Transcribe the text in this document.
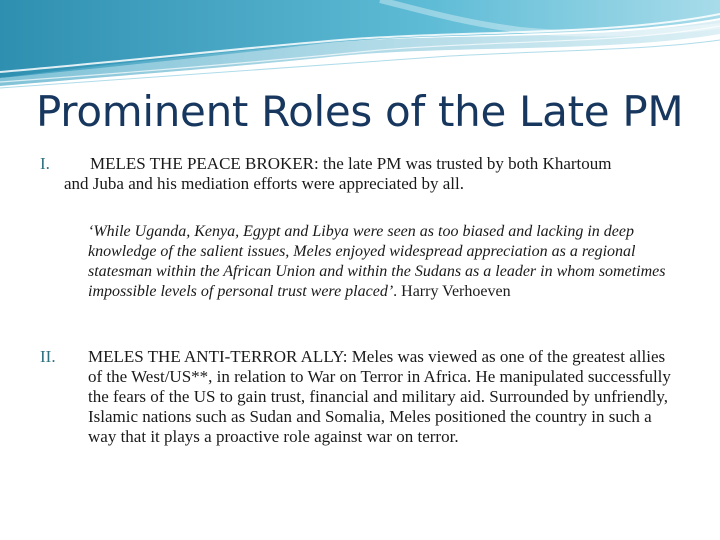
Prominent Roles of the Late PM
I. MELES THE PEACE BROKER: the late PM was trusted by both Khartoum
and Juba and his mediation efforts were appreciated by all.
‘While Uganda, Kenya, Egypt and Libya were seen as too biased and lacking in deep knowledge of the salient issues, Meles enjoyed widespread appreciation as a regional statesman within the African Union and within the Sudans as a leader in whom sometimes impossible levels of personal trust were placed’. Harry Verhoeven
II. MELES THE ANTI-TERROR ALLY: Meles was viewed as one of the greatest allies of the West/US**, in relation to War on Terror in Africa. He manipulated successfully the fears of the US to gain trust, financial and military aid. Surrounded by unfriendly, Islamic nations such as Sudan and Somalia, Meles positioned the country in such a way that it plays a proactive role against war on terror.
